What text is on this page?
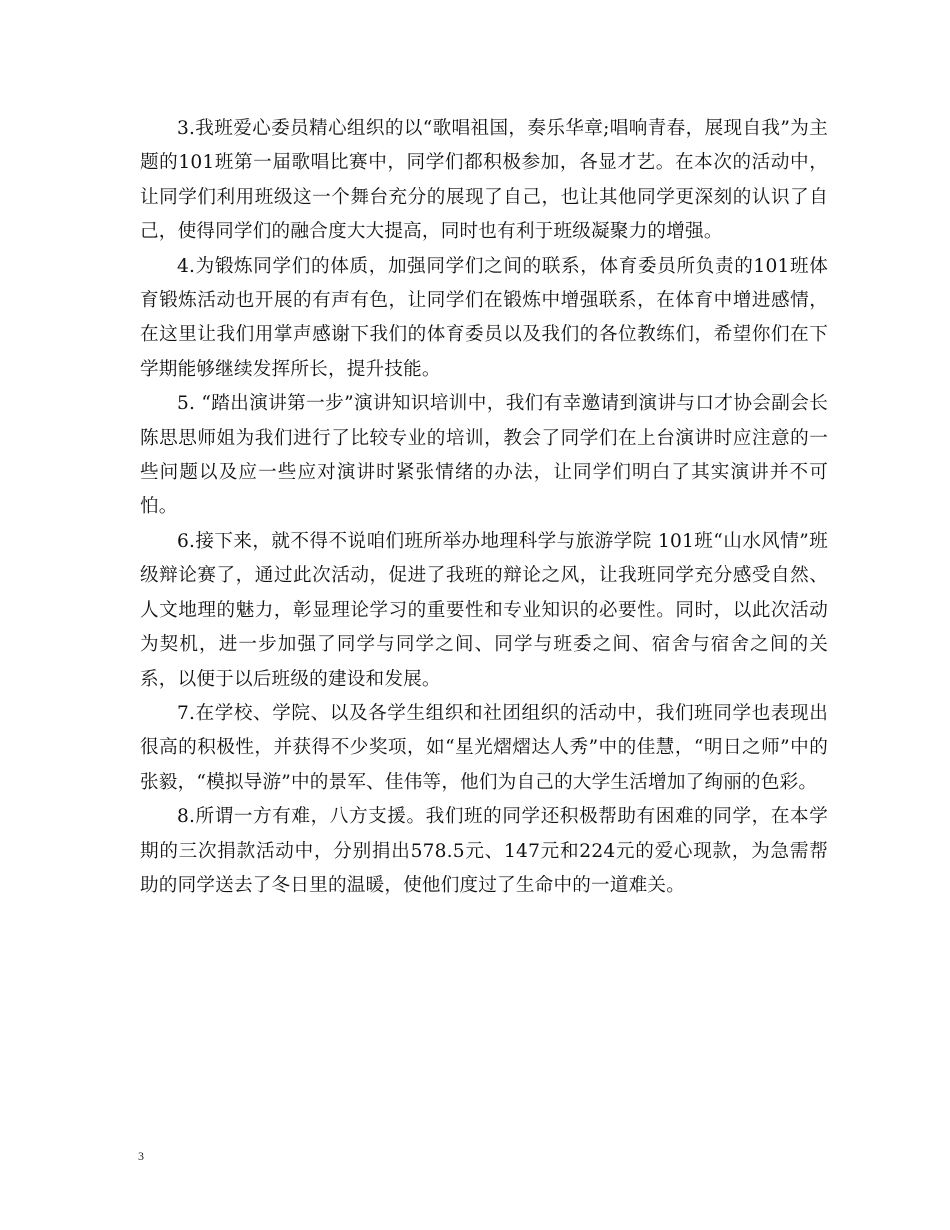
3.我班爱心委员精心组织的以“歌唱祖国，奏乐华章;唱响青春，展现自我”为主题的101班第一届歌唱比赛中，同学们都积极参加，各显才艺。在本次的活动中，让同学们利用班级这一个舞台充分的展现了自己，也让其他同学更深刻的认识了自己，使得同学们的融合度大大提高，同时也有利于班级凝聚力的增强。

4.为锻炼同学们的体质，加强同学们之间的联系，体育委员所负责的101班体育锻炼活动也开展的有声有色，让同学们在锻炼中增强联系，在体育中增进感情，在这里让我们用掌声感谢下我们的体育委员以及我们的各位教练们，希望你们在下学期能够继续发挥所长，提升技能。

5. “踏出演讲第一步”演讲知识培训中，我们有幸邀请到演讲与口才协会副会长陈思思师姐为我们进行了比较专业的培训，教会了同学们在上台演讲时应注意的一些问题以及应一些应对演讲时紧张情绪的办法，让同学们明白了其实演讲并不可怕。

6.接下来，就不得不说咱们班所举办地理科学与旅游学院 101班“山水风情”班级辩论赛了，通过此次活动，促进了我班的辩论之风，让我班同学充分感受自然、人文地理的魅力，彰显理论学习的重要性和专业知识的必要性。同时，以此次活动为契机，进一步加强了同学与同学之间、同学与班委之间、宿舍与宿舍之间的关系，以便于以后班级的建设和发展。

7.在学校、学院、以及各学生组织和社团组织的活动中，我们班同学也表现出很高的积极性，并获得不少奖项，如“星光熠熠达人秀”中的佳慧，“明日之师”中的张毅，“模拟导游”中的景军、佳伟等，他们为自己的大学生活增加了绚丽的色彩。

8.所谓一方有难，八方支援。我们班的同学还积极帮助有困难的同学，在本学期的三次捐款活动中，分别捐出578.5元、147元和224元的爱心现款，为急需帮助的同学送去了冬日里的温暖，使他们度过了生命中的一道难关。

3
